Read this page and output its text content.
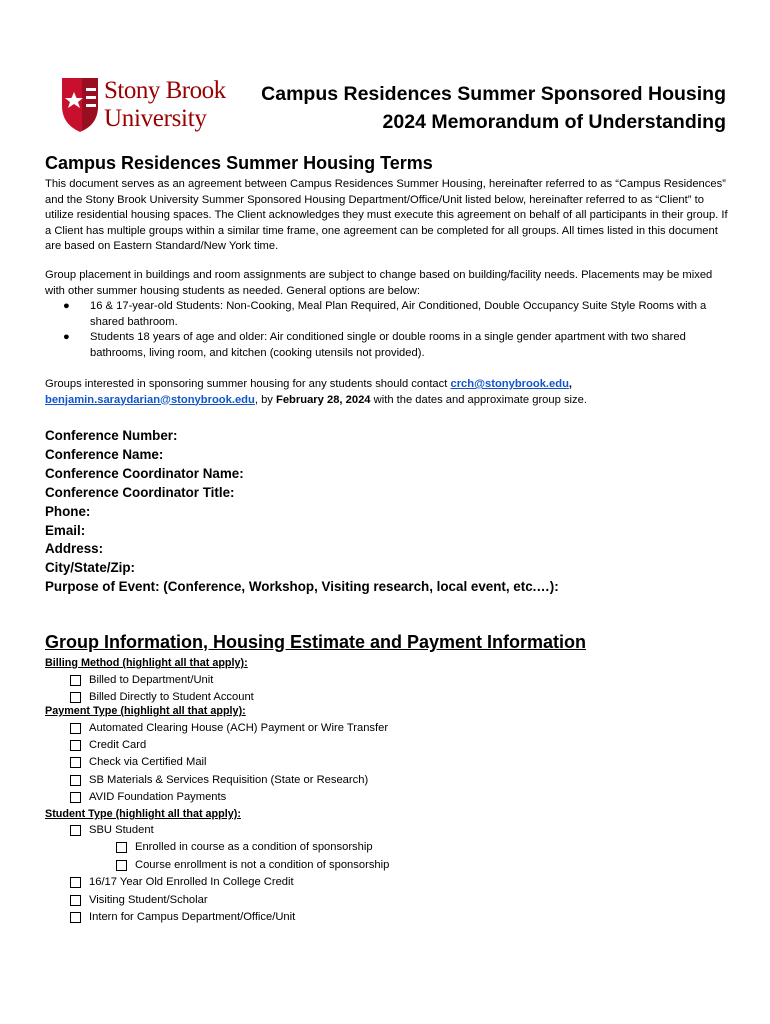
Stony Brook
University
Campus Residences Summer Sponsored Housing
2024 Memorandum of Understanding
Campus Residences Summer Housing Terms

This document serves as an agreement between Campus Residences Summer Housing, hereinafter referred to as “Campus Residences” and the Stony Brook University Summer Sponsored Housing Department/Office/Unit listed below, hereinafter referred to as “Client” to utilize residential housing spaces. The Client acknowledges they must execute this agreement on behalf of all participants in their group. If a Client has multiple groups within a similar time frame, one agreement can be completed for all groups. All times listed in this document are based on Eastern Standard/New York time.

Group placement in buildings and room assignments are subject to change based on building/facility needs. Placements may be mixed with other summer housing students as needed. General options are below:

● 16 & 17-year-old Students: Non-Cooking, Meal Plan Required, Air Conditioned, Double Occupancy Suite Style Rooms with a shared bathroom.
● Students 18 years of age and older: Air conditioned single or double rooms in a single gender apartment with two shared bathrooms, living room, and kitchen (cooking utensils not provided).

Groups interested in sponsoring summer housing for any students should contact crch@stonybrook.edu,
benjamin.saraydarian@stonybrook.edu, by February 28, 2024 with the dates and approximate group size.

Conference Number:
Conference Name:
Conference Coordinator Name:
Conference Coordinator Title:
Phone:
Email:
Address:
City/State/Zip:
Purpose of Event: (Conference, Workshop, Visiting research, local event, etc.…):
Group Information, Housing Estimate and Payment Information
Billing Method (highlight all that apply):
Billed to Department/Unit
Billed Directly to Student Account
Payment Type (highlight all that apply):
Automated Clearing House (ACH) Payment or Wire Transfer
Credit Card
Check via Certified Mail
SB Materials & Services Requisition (State or Research)
AVID Foundation Payments
Student Type (highlight all that apply):
SBU Student
Enrolled in course as a condition of sponsorship
Course enrollment is not a condition of sponsorship
16/17 Year Old Enrolled In College Credit
Visiting Student/Scholar
Intern for Campus Department/Office/Unit
